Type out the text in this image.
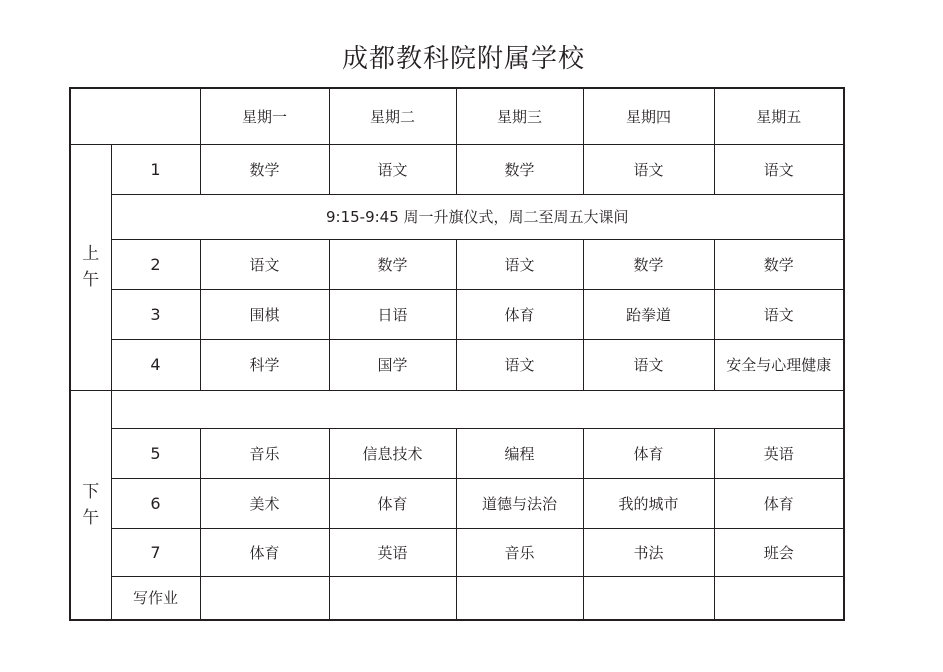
成都教科院附属学校
		星期一	星期二	星期三	星期四	星期五

上
午	1	数学	语文	数学	语文	语文
	9:15-9:45 周一升旗仪式，周二至周五大课间					
	2	语文	数学	语文	数学	数学
	3	围棋	日语	体育	跆拳道	语文
	4	科学	国学	语文	语文	安全与心理健康

下
午						

	5	音乐	信息技术	编程	体育	英语
	6	美术	体育	道德与法治	我的城市	体育
	7	体育	英语	音乐	书法	班会
	写作业					
